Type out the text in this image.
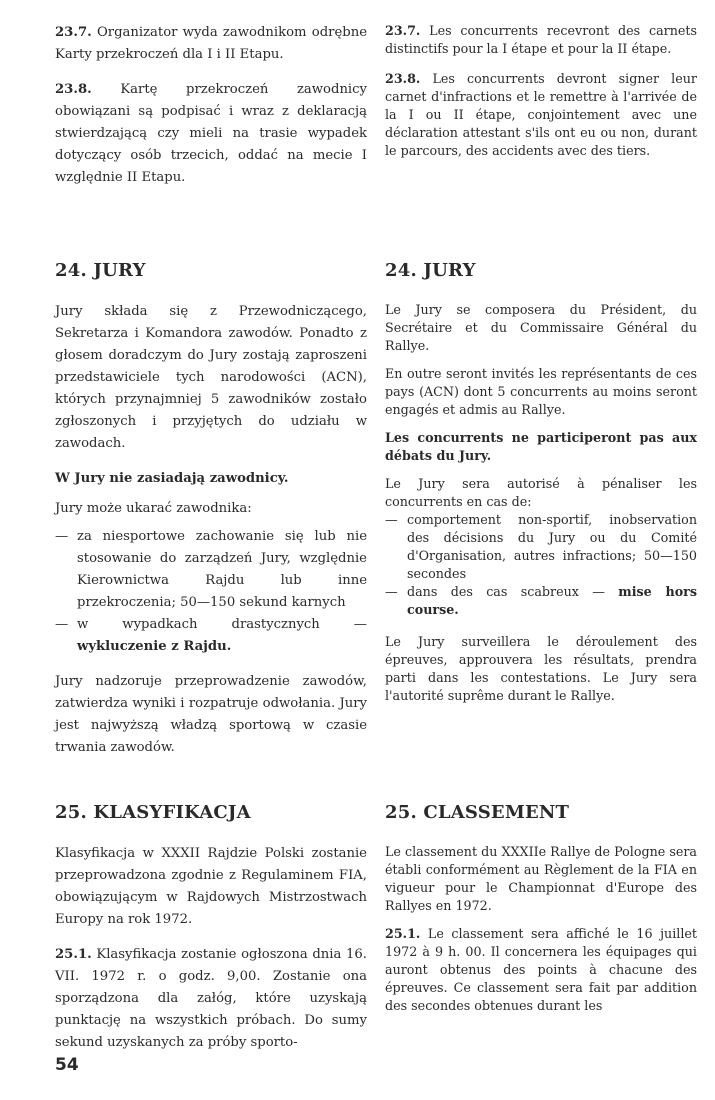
23.7. Organizator wyda zawodnikom odrębne Karty przekroczeń dla I i II Etapu.

23.8. Kartę przekroczeń zawodnicy obowiązani są podpisać i wraz z deklaracją stwierdzającą czy mieli na trasie wypadek dotyczący osób trzecich, oddać na mecie I względnie II Etapu.

24. JURY

Jury składa się z Przewodniczącego, Sekretarza i Komandora zawodów. Ponadto z głosem doradczym do Jury zostają zaproszeni przedstawiciele tych narodowości (ACN), których przynajmniej 5 zawodników zostało zgłoszonych i przyjętych do udziału w zawodach.

W Jury nie zasiadają zawodnicy.

Jury może ukarać zawodnika:

— za niesportowe zachowanie się lub nie stosowanie do zarządzeń Jury, względnie Kierownictwa Rajdu lub inne przekroczenia; 50—150 sekund karnych
— w wypadkach drastycznych — wykluczenie z Rajdu.

Jury nadzoruje przeprowadzenie zawodów, zatwierdza wyniki i rozpatruje odwołania. Jury jest najwyższą władzą sportową w czasie trwania zawodów.

25. KLASYFIKACJA

Klasyfikacja w XXXII Rajdzie Polski zostanie przeprowadzona zgodnie z Regulaminem FIA, obowiązującym w Rajdowych Mistrzostwach Europy na rok 1972.

25.1. Klasyfikacja zostanie ogłoszona dnia 16. VII. 1972 r. o godz. 9,00. Zostanie ona sporządzona dla załóg, które uzyskają punktację na wszystkich próbach. Do sumy sekund uzyskanych za próby sporto-

23.7. Les concurrents recevront des carnets distinctifs pour la I étape et pour la II étape.

23.8. Les concurrents devront signer leur carnet d'infractions et le remettre à l'arrivée de la I ou II étape, conjointement avec une déclaration attestant s'ils ont eu ou non, durant le parcours, des accidents avec des tiers.

24. JURY

Le Jury se composera du Président, du Secrétaire et du Commissaire Général du Rallye.

En outre seront invités les représentants de ces pays (ACN) dont 5 concurrents au moins seront engagés et admis au Rallye.

Les concurrents ne participeront pas aux débats du Jury.

Le Jury sera autorisé à pénaliser les concurrents en cas de:

— comportement non-sportif, inobservation des décisions du Jury ou du Comité d'Organisation, autres infractions; 50—150 secondes
— dans des cas scabreux — mise hors course.

Le Jury surveillera le déroulement des épreuves, approuvera les résultats, prendra parti dans les contestations. Le Jury sera l'autorité suprême durant le Rallye.

25. CLASSEMENT

Le classement du XXXIIe Rallye de Pologne sera établi conformément au Règlement de la FIA en vigueur pour le Championnat d'Europe des Rallyes en 1972.

25.1. Le classement sera affiché le 16 juillet 1972 à 9 h. 00. Il concernera les équipages qui auront obtenus des points à chacune des épreuves. Ce classement sera fait par addition des secondes obtenues durant les

54
